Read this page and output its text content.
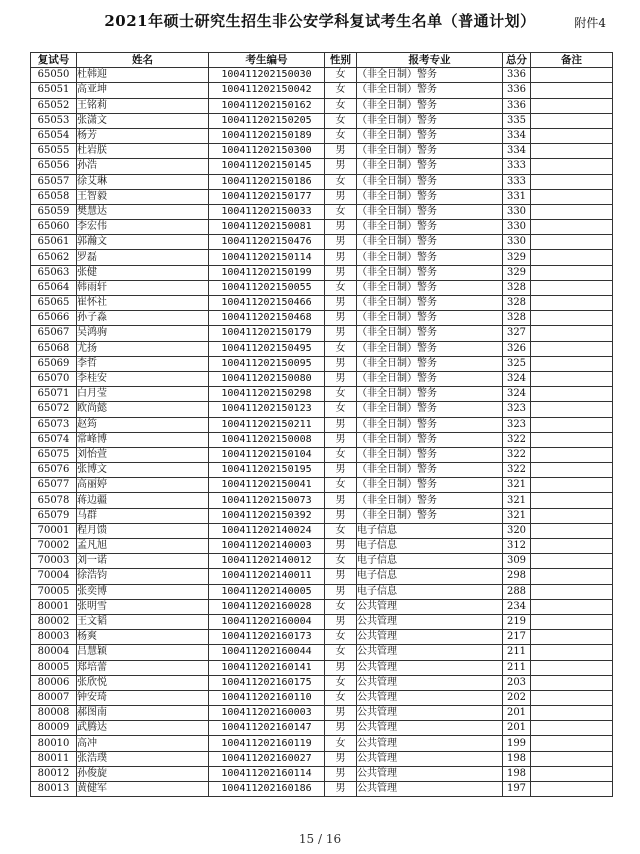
2021年硕士研究生招生非公安学科复试考生名单（普通计划）	附件4
复试号	姓名	考生编号	性别	报考专业	总分	备注
65050	杜韩迎	100411202150030	女	（非全日制）警务	336	
65051	高亚坤	100411202150042	女	（非全日制）警务	336	
65052	王铭莉	100411202150162	女	（非全日制）警务	336	
65053	张潇文	100411202150205	女	（非全日制）警务	335	
65054	杨芳	100411202150189	女	（非全日制）警务	334	
65055	杜岩朕	100411202150300	男	（非全日制）警务	334	
65056	孙浩	100411202150145	男	（非全日制）警务	333	
65057	徐艾琳	100411202150186	女	（非全日制）警务	333	
65058	王智毅	100411202150177	男	（非全日制）警务	331	
65059	樊慧达	100411202150033	女	（非全日制）警务	330	
65060	李宏伟	100411202150081	男	（非全日制）警务	330	
65061	郭瀚文	100411202150476	男	（非全日制）警务	330	
65062	罗磊	100411202150114	男	（非全日制）警务	329	
65063	张健	100411202150199	男	（非全日制）警务	329	
65064	韩雨轩	100411202150055	女	（非全日制）警务	328	
65065	崔怀社	100411202150466	男	（非全日制）警务	328	
65066	孙子淼	100411202150468	男	（非全日制）警务	328	
65067	吴鸿驹	100411202150179	男	（非全日制）警务	327	
65068	尤扬	100411202150495	女	（非全日制）警务	326	
65069	李哲	100411202150095	男	（非全日制）警务	325	
65070	李桂安	100411202150080	男	（非全日制）警务	324	
65071	白月莹	100411202150298	女	（非全日制）警务	324	
65072	欧尚懿	100411202150123	女	（非全日制）警务	323	
65073	赵筠	100411202150211	男	（非全日制）警务	323	
65074	常峰博	100411202150008	男	（非全日制）警务	322	
65075	刘怡萱	100411202150104	女	（非全日制）警务	322	
65076	张博文	100411202150195	男	（非全日制）警务	322	
65077	高丽婷	100411202150041	女	（非全日制）警务	321	
65078	蒋边疆	100411202150073	男	（非全日制）警务	321	
65079	马群	100411202150392	男	（非全日制）警务	321	
70001	程月馈	100411202140024	女	电子信息	320	
70002	孟凡旭	100411202140003	男	电子信息	312	
70003	刘一诺	100411202140012	女	电子信息	309	
70004	徐浩钧	100411202140011	男	电子信息	298	
70005	张奕博	100411202140005	男	电子信息	288	
80001	张明雪	100411202160028	女	公共管理	234	
80002	王文韬	100411202160004	男	公共管理	219	
80003	杨爽	100411202160173	女	公共管理	217	
80004	吕慧颖	100411202160044	女	公共管理	211	
80005	郑培蕾	100411202160141	男	公共管理	211	
80006	张欣悦	100411202160175	女	公共管理	203	
80007	钟安琦	100411202160110	女	公共管理	202	
80008	郝图南	100411202160003	男	公共管理	201	
80009	武腾达	100411202160147	男	公共管理	201	
80010	高冲	100411202160119	女	公共管理	199	
80011	张浩璞	100411202160027	男	公共管理	198	
80012	孙俊旋	100411202160114	男	公共管理	198	
80013	黄健军	100411202160186	男	公共管理	197	
15 / 16
